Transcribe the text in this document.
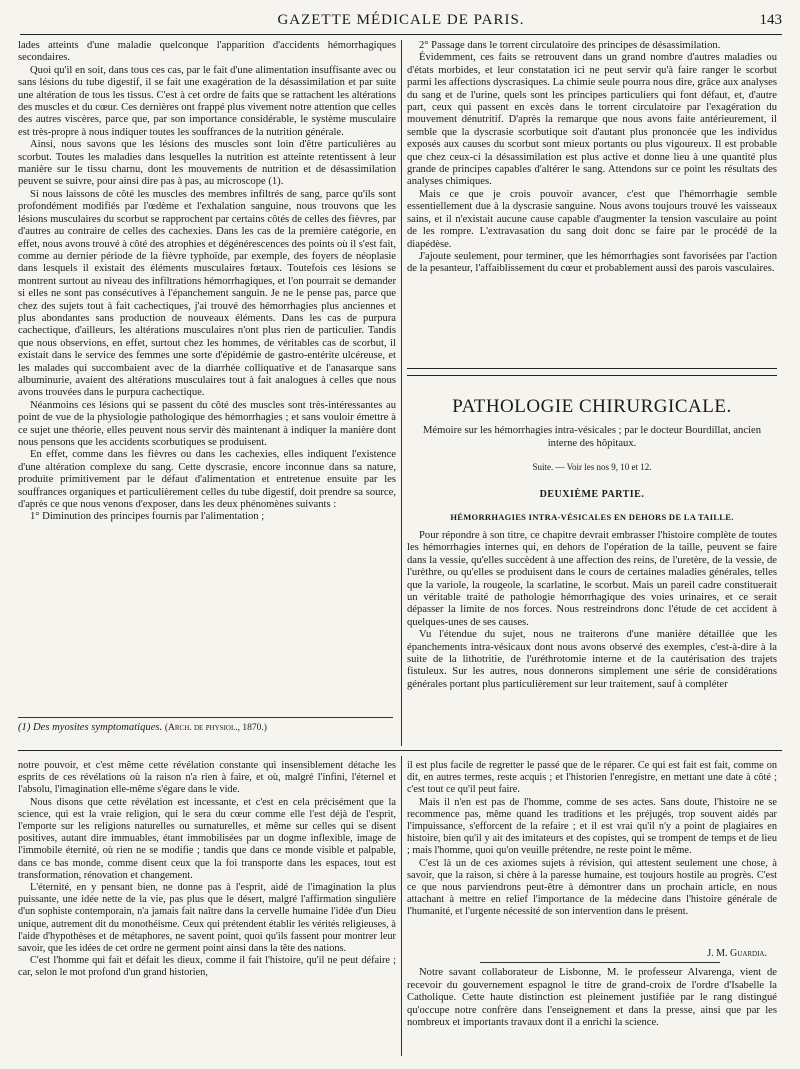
GAZETTE MÉDICALE DE PARIS.	143

lades atteints d'une maladie quelconque l'apparition d'accidents hémorrhagiques secondaires.

Quoi qu'il en soit, dans tous ces cas, par le fait d'une alimentation insuffisante avec ou sans lésions du tube digestif, il se fait une exagération de la désassimilation et par suite une altération de tous les tissus. C'est à cet ordre de faits que se rattachent les altérations des muscles et du cœur. Ces dernières ont frappé plus vivement notre attention que celles des autres viscères, parce que, par son importance considérable, le système musculaire est très-propre à nous indiquer toutes les souffrances de la nutrition générale.

Ainsi, nous savons que les lésions des muscles sont loin d'être particulières au scorbut. Toutes les maladies dans lesquelles la nutrition est atteinte retentissent à leur manière sur le tissu charnu, dont les mouvements de nutrition et de désassimilation peuvent se suivre, pour ainsi dire pas à pas, au microscope (1).

Si nous laissons de côté les muscles des membres infiltrés de sang, parce qu'ils sont profondément modifiés par l'œdème et l'exhalation sanguine, nous trouvons que les lésions musculaires du scorbut se rapprochent par certains côtés de celles des fièvres, par d'autres au contraire de celles des cachexies. Dans les cas de la première catégorie, en effet, nous avons trouvé à côté des atrophies et dégénérescences des points où il s'est fait, comme au dernier période de la fièvre typhoïde, par exemple, des foyers de néoplasie dans lesquels il existait des éléments musculaires fœtaux. Toutefois ces lésions se montrent surtout au niveau des infiltrations hémorrhagiques, et l'on pourrait se demander si elles ne sont pas consécutives à l'épanchement sanguin. Je ne le pense pas, parce que chez des sujets tout à fait cachectiques, j'ai trouvé des hémorrhagies plus anciennes et plus abondantes sans production de nouveaux éléments. Dans les cas de purpura cachectique, d'ailleurs, les altérations musculaires n'ont plus rien de particulier. Tandis que nous observions, en effet, surtout chez les hommes, de véritables cas de scorbut, il existait dans le service des femmes une sorte d'épidémie de gastro-entérite ulcéreuse, et les malades qui succombaient avec de la diarrhée colliquative et de l'anasarque sans albuminurie, avaient des altérations musculaires tout à fait analogues à celles que nous avons trouvées dans le purpura cachectique.

Néanmoins ces lésions qui se passent du côté des muscles sont très-intéressantes au point de vue de la physiologie pathologique des hémorrhagies ; et sans vouloir émettre à ce sujet une théorie, elles peuvent nous servir dès maintenant à indiquer la manière dont nous pensons que les accidents scorbutiques se produisent.

En effet, comme dans les fièvres ou dans les cachexies, elles indiquent l'existence d'une altération complexe du sang. Cette dyscrasie, encore inconnue dans sa nature, produite primitivement par le défaut d'alimentation et entretenue ensuite par les souffrances organiques et particulièrement celles du tube digestif, doit prendre sa source, d'après ce que nous venons d'exposer, dans les deux phénomènes suivants :

1° Diminution des principes fournis par l'alimentation ;

2° Passage dans le torrent circulatoire des principes de désassimilation.

Évidemment, ces faits se retrouvent dans un grand nombre d'autres maladies ou d'états morbides, et leur constatation ici ne peut servir qu'à faire ranger le scorbut parmi les affections dyscrasiques. La chimie seule pourra nous dire, grâce aux analyses du sang et de l'urine, quels sont les principes particuliers qui font défaut, et, d'autre part, ceux qui passent en excès dans le torrent circulatoire par l'exagération du mouvement dénutritif. D'après la remarque que nous avons faite antérieurement, il semble que la dyscrasie scorbutique soit d'autant plus prononcée que les individus exposés aux causes du scorbut sont mieux portants ou plus vigoureux. Il est probable que chez ceux-ci la désassimilation est plus active et donne lieu à une quantité plus grande de principes capables d'altérer le sang. Attendons sur ce point les résultats des analyses chimiques.

Mais ce que je crois pouvoir avancer, c'est que l'hémorrhagie semble essentiellement due à la dyscrasie sanguine. Nous avons toujours trouvé les vaisseaux sains, et il n'existait aucune cause capable d'augmenter la tension vasculaire au point de les rompre. L'extravasation du sang doit donc se faire par le procédé de la diapédèse.

J'ajoute seulement, pour terminer, que les hémorrhagies sont favorisées par l'action de la pesanteur, l'affaiblissement du cœur et probablement aussi des parois vasculaires.

PATHOLOGIE CHIRURGICALE.
Mémoire sur les hémorrhagies intra-vésicales ; par le docteur Bourdillat, ancien interne des hôpitaux.
Suite. — Voir les nos 9, 10 et 12.
DEUXIÈME PARTIE.
HÉMORRHAGIES INTRA-VÉSICALES EN DEHORS DE LA TAILLE.

Pour répondre à son titre, ce chapitre devrait embrasser l'histoire complète de toutes les hémorrhagies internes qui, en dehors de l'opération de la taille, peuvent se faire dans la vessie, qu'elles succèdent à une affection des reins, de l'uretère, de la vessie, de l'urèthre, ou qu'elles se produisent dans le cours de certaines maladies générales, telles que la variole, la rougeole, la scarlatine, le scorbut. Mais un pareil cadre constituerait un véritable traité de pathologie hémorrhagique des voies urinaires, et ce serait dépasser la limite de nos forces. Nous restreindrons donc l'étude de cet accident à quelques-unes de ses causes.

Vu l'étendue du sujet, nous ne traiterons d'une manière détaillée que les épanchements intra-vésicaux dont nous avons observé des exemples, c'est-à-dire à la suite de la lithotritie, de l'uréthrotomie interne et de la cautérisation des trajets fistuleux. Sur les autres, nous donnerons simplement une série de considérations générales portant plus particulièrement sur leur traitement, sauf à compléter

(1) Des myosites symptomatiques. (Arch. de physiol., 1870.)

notre pouvoir, et c'est même cette révélation constante qui insensiblement détache les esprits de ces révélations où la raison n'a rien à faire, et où, malgré l'infini, l'éternel et l'absolu, l'imagination elle-même s'égare dans le vide.

Nous disons que cette révélation est incessante, et c'est en cela précisément que la science, qui est la vraie religion, qui le sera du cœur comme elle l'est déjà de l'esprit, l'emporte sur les religions naturelles ou surnaturelles, et même sur celles qui se disent positives, autant dire immuables, étant immobilisées par un dogme inflexible, image de l'immobile éternité, où rien ne se modifie ; tandis que dans ce monde visible et palpable, dans ce bas monde, comme disent ceux que la foi transporte dans les espaces, tout est transformation, rénovation et changement.

L'éternité, en y pensant bien, ne donne pas à l'esprit, aidé de l'imagination la plus puissante, une idée nette de la vie, pas plus que le désert, malgré l'affirmation singulière d'un sophiste contemporain, n'a jamais fait naître dans la cervelle humaine l'idée d'un Dieu unique, autrement dit du monothéisme. Ceux qui prétendent établir les vérités religieuses, à l'aide d'hypothèses et de métaphores, ne savent point, quoi qu'ils fassent pour montrer leur savoir, que les idées de cet ordre ne germent point ainsi dans la tête des nations.

C'est l'homme qui fait et défait les dieux, comme il fait l'histoire, qu'il ne peut défaire ; car, selon le mot profond d'un grand historien,

il est plus facile de regretter le passé que de le réparer. Ce qui est fait est fait, comme on dit, en autres termes, reste acquis ; et l'historien l'enregistre, en mettant une date à côté ; c'est tout ce qu'il peut faire.

Mais il n'en est pas de l'homme, comme de ses actes. Sans doute, l'histoire ne se recommence pas, même quand les traditions et les préjugés, trop souvent aidés par l'impuissance, s'efforcent de la refaire ; et il est vrai qu'il n'y a point de plagiaires en histoire, bien qu'il y ait des imitateurs et des copistes, qui se trompent de temps et de lieu ; mais l'homme, quoi qu'on veuille prétendre, ne reste point le même.

C'est là un de ces axiomes sujets à révision, qui attestent seulement une chose, à savoir, que la raison, si chère à la paresse humaine, est toujours hostile au progrès. C'est ce que nous parviendrons peut-être à démontrer dans un prochain article, en nous attachant à mettre en relief l'importance de la médecine dans l'histoire générale de l'humanité, et l'urgente nécessité de son intervention dans le présent.

J. M. Guardia.

Notre savant collaborateur de Lisbonne, M. le professeur Alvarenga, vient de recevoir du gouvernement espagnol le titre de grand-croix de l'ordre d'Isabelle la Catholique. Cette haute distinction est pleinement justifiée par le rang distingué qu'occupe notre confrère dans l'enseignement et dans la presse, ainsi que par les nombreux et importants travaux dont il a enrichi la science.
